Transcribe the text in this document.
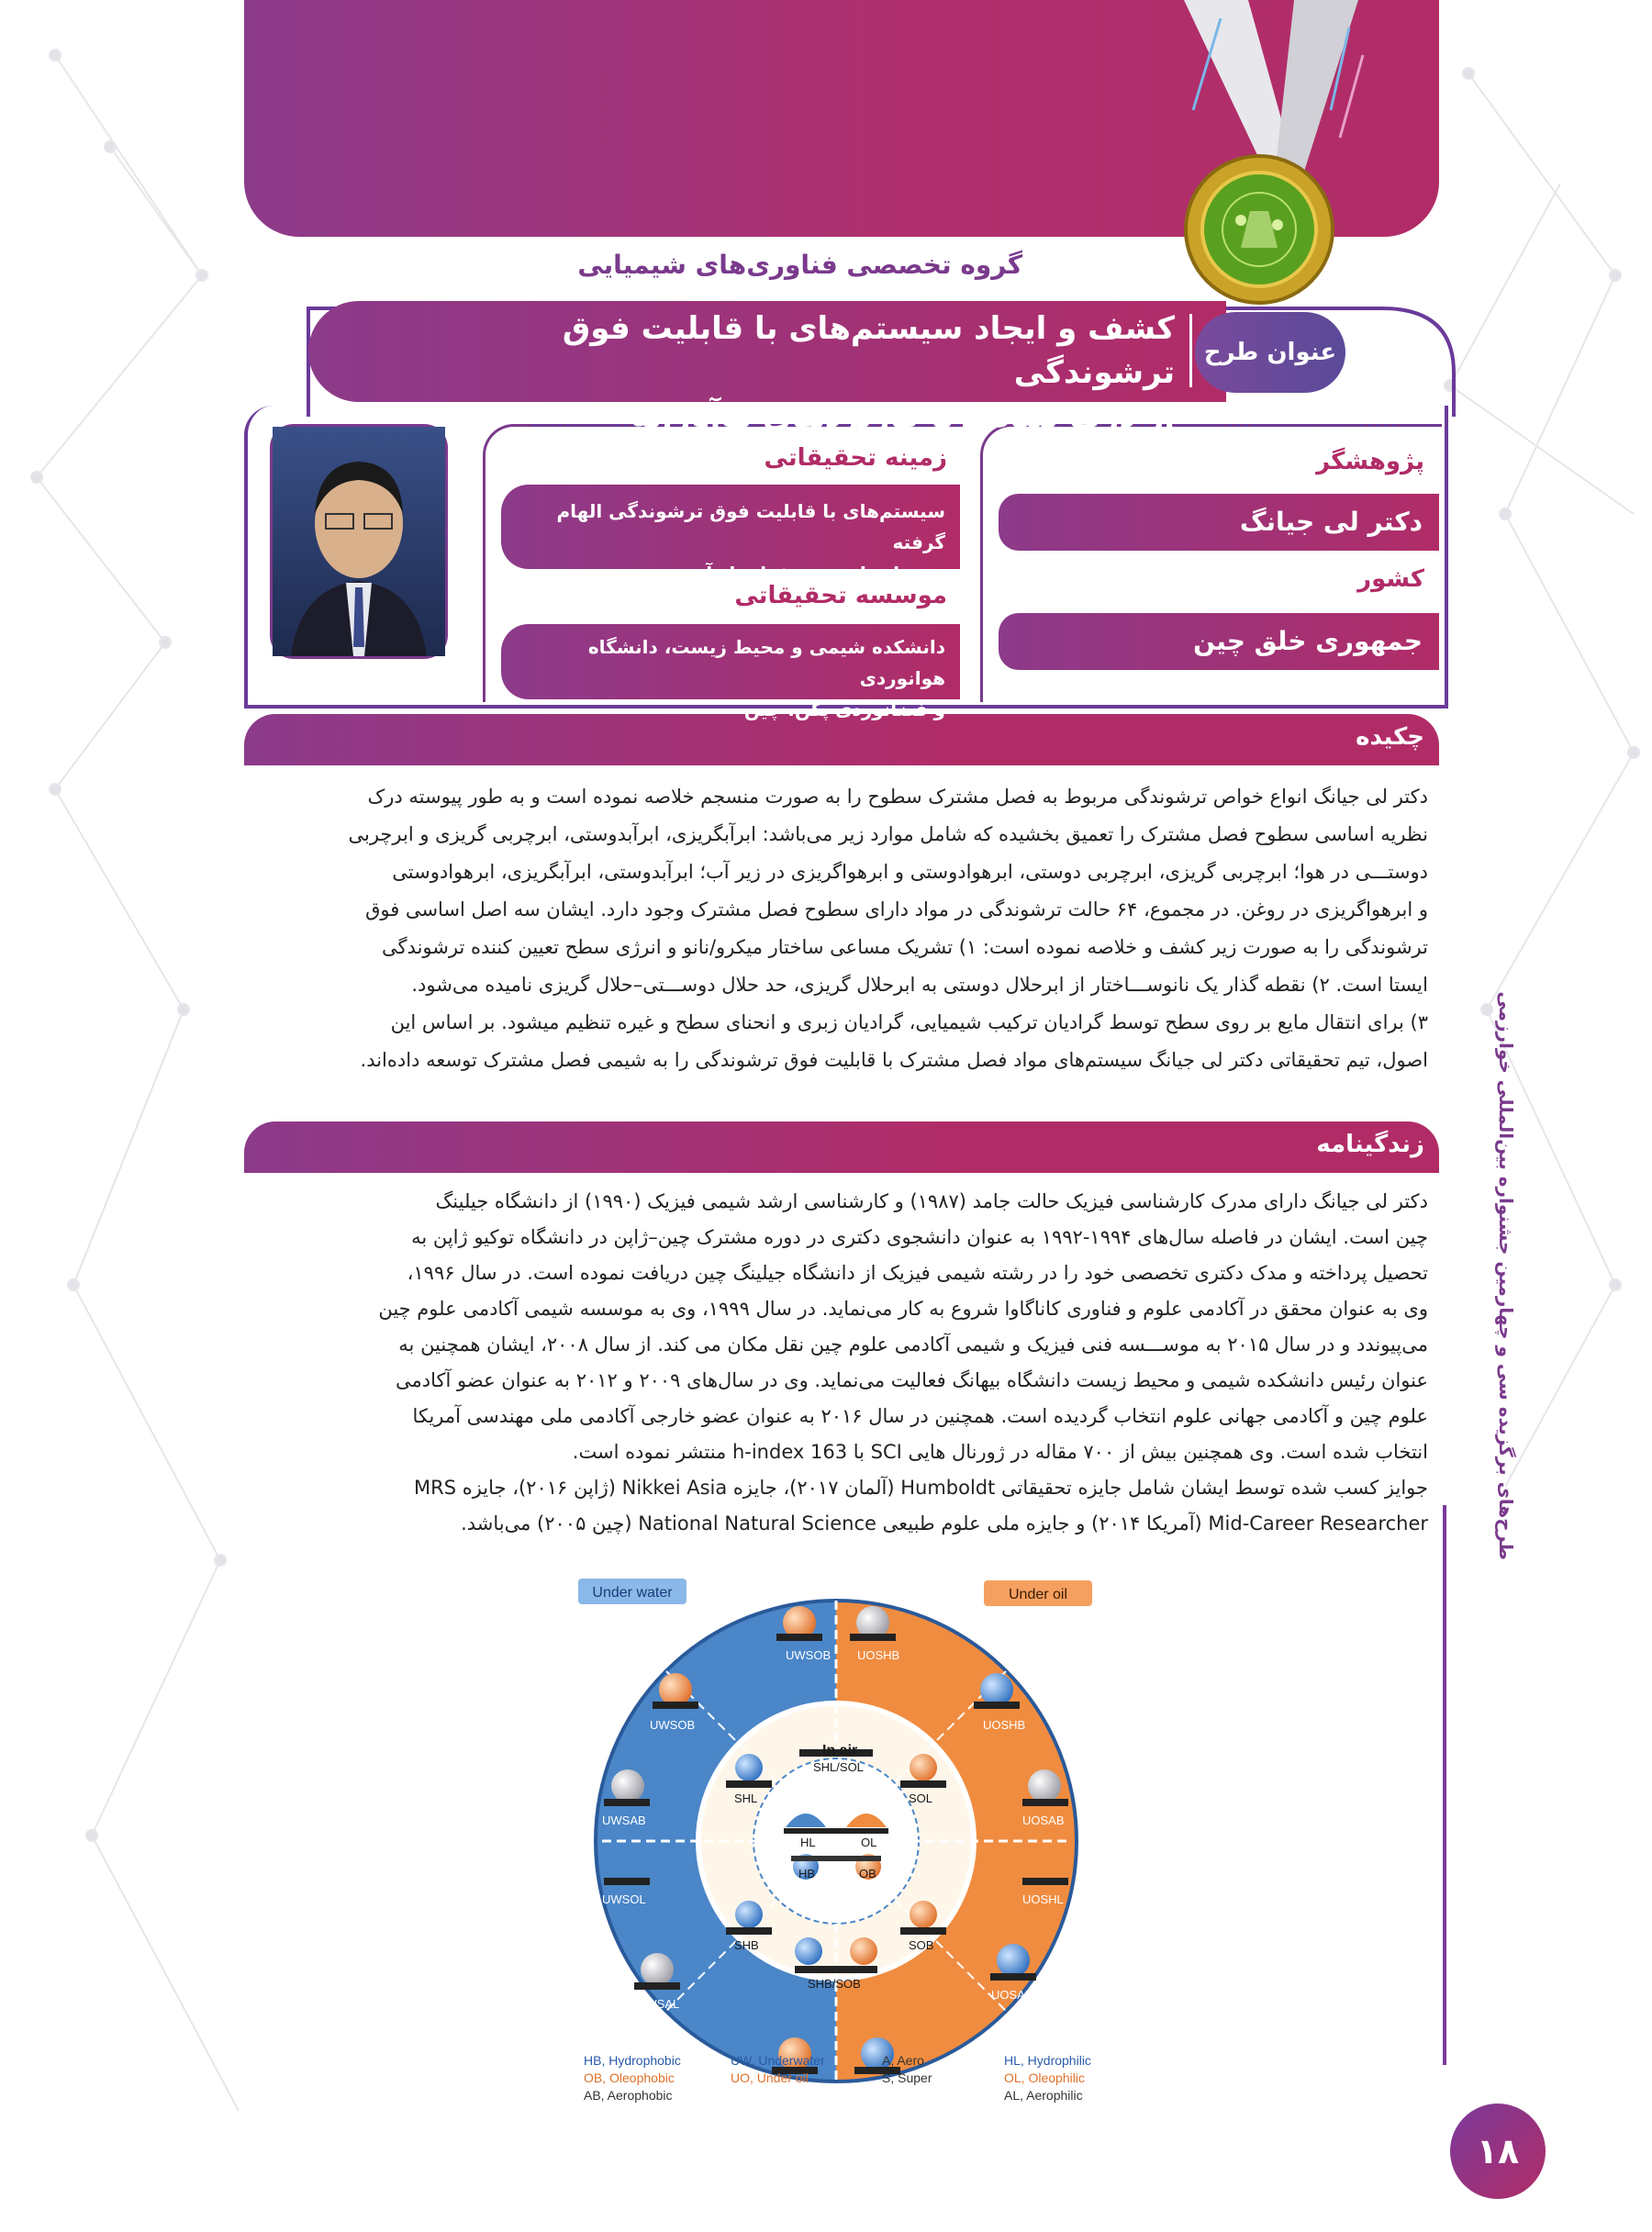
گروه تخصصی فناوری‌های شیمیایی
کشف و ایجاد سیستم‌های با قابلیت فوق ترشوندگی
از درک بنیادی تا کاربردهای نوآورانه
عنوان طرح
زمینه تحقیقاتی
سیستم‌های با قابلیت فوق ترشوندگی الهام گرفته
شده از طبیعت و فراتر از آن
موسسه تحقیقاتی
دانشکده شیمی و محیط زیست، دانشگاه هوانوردی
و فضانوردی پکن، چین
پژوهشگر
دکتر لی جیانگ
کشور
جمهوری خلق چین
چکیده
دکتر لی جیانگ انواع خواص ترشوندگی مربوط به فصل مشترک سطوح را به صورت منسجم خلاصه نموده است و به طور پیوسته درک
نظریه اساسی سطوح فصل مشترک را تعمیق بخشیده که شامل موارد زیر می‌باشد: ابرآبگریزی، ابرآبدوستی، ابرچربی گریزی و ابرچربی
دوستـــی در هوا؛ ابرچربی گریزی، ابرچربی دوستی، ابرهوادوستی و ابرهواگریزی در زیر آب؛ ابرآبدوستی، ابرآبگریزی، ابرهوادوستی
و ابرهواگریزی در روغن. در مجموع، ۶۴ حالت ترشوندگی در مواد دارای سطوح فصل مشترک وجود دارد. ایشان سه اصل اساسی فوق
ترشوندگی را به صورت زیر کشف و خلاصه نموده است: ۱) تشریک مساعی ساختار میکرو/نانو و انرژی سطح تعیین کننده ترشوندگی
ایستا است. ۲) نقطه گذار یک نانوســـاختار از ابرحلال دوستی به ابرحلال گریزی، حد حلال دوســـتی–حلال گریزی نامیده می‌شود.
۳) برای انتقال مایع بر روی سطح توسط گرادیان ترکیب شیمیایی، گرادیان زبری و انحنای سطح و غیره تنظیم میشود. بر اساس این
اصول، تیم تحقیقاتی دکتر لی جیانگ سیستم‌های مواد فصل مشترک با قابلیت فوق ترشوندگی را به شیمی فصل مشترک توسعه داده‌اند.
زندگینامه
دکتر لی جیانگ دارای مدرک کارشناسی فیزیک حالت جامد (۱۹۸۷) و کارشناسی ارشد شیمی فیزیک (۱۹۹۰) از دانشگاه جیلینگ
چین است. ایشان در فاصله سال‌های ۱۹۹۴-۱۹۹۲ به عنوان دانشجوی دکتری در دوره مشترک چین–ژاپن در دانشگاه توکیو ژاپن به
تحصیل پرداخته و مدک دکتری تخصصی خود را در رشته شیمی فیزیک از دانشگاه جیلینگ چین دریافت نموده است. در سال ۱۹۹۶،
وی به عنوان محقق در آکادمی علوم و فناوری کاناگاوا شروع به کار می‌نماید. در سال ۱۹۹۹، وی به موسسه شیمی آکادمی علوم چین
می‌پیوندد و در سال ۲۰۱۵ به موســـسه فنی فیزیک و شیمی آکادمی علوم چین نقل مکان می کند. از سال ۲۰۰۸، ایشان همچنین به
عنوان رئیس دانشکده شیمی و محیط زیست دانشگاه بیهانگ فعالیت می‌نماید. وی در سال‌های ۲۰۰۹ و ۲۰۱۲ به عنوان عضو آکادمی
علوم چین و آکادمی جهانی علوم انتخاب گردیده است. همچنین در سال ۲۰۱۶ به عنوان عضو خارجی آکادمی ملی مهندسی آمریکا
انتخاب شده است. وی همچنین بیش از ۷۰۰ مقاله در ژورنال هایی SCI با h-index 163 منتشر نموده است.
جوایز کسب شده توسط ایشان شامل جایزه تحقیقاتی Humboldt (آلمان ۲۰۱۷)، جایزه Nikkei Asia (ژاپن ۲۰۱۶)، جایزه MRS
Mid-Career Researcher (آمریکا ۲۰۱۴) و جایزه ملی علوم طبیعی National Natural Science (چین ۲۰۰۵) می‌باشد.
Under water	Under oil
UWSOB UOSHB
UWSOB	UOSHB
UWSAB	UOSAB
UWSOL	UOSHL
UWSAL
UOSAL
UWSOB	UOSHB
SHL/SOL
SHL	SOL
HL	OL
HB	OB
SHB	SOB
SHB/SOB
In air
HB, Hydrophobic
OB, Oleophobic
AB, Aerophobic
UW, Underwater
UO, Under oil
A, Aero
S, Super
HL, Hydrophilic
OL, Oleophilic
AL, Aerophilic
طرح‌های برگزیده سی و چهارمین جشنواره بین‌المللی خوارزمی
۱۸
